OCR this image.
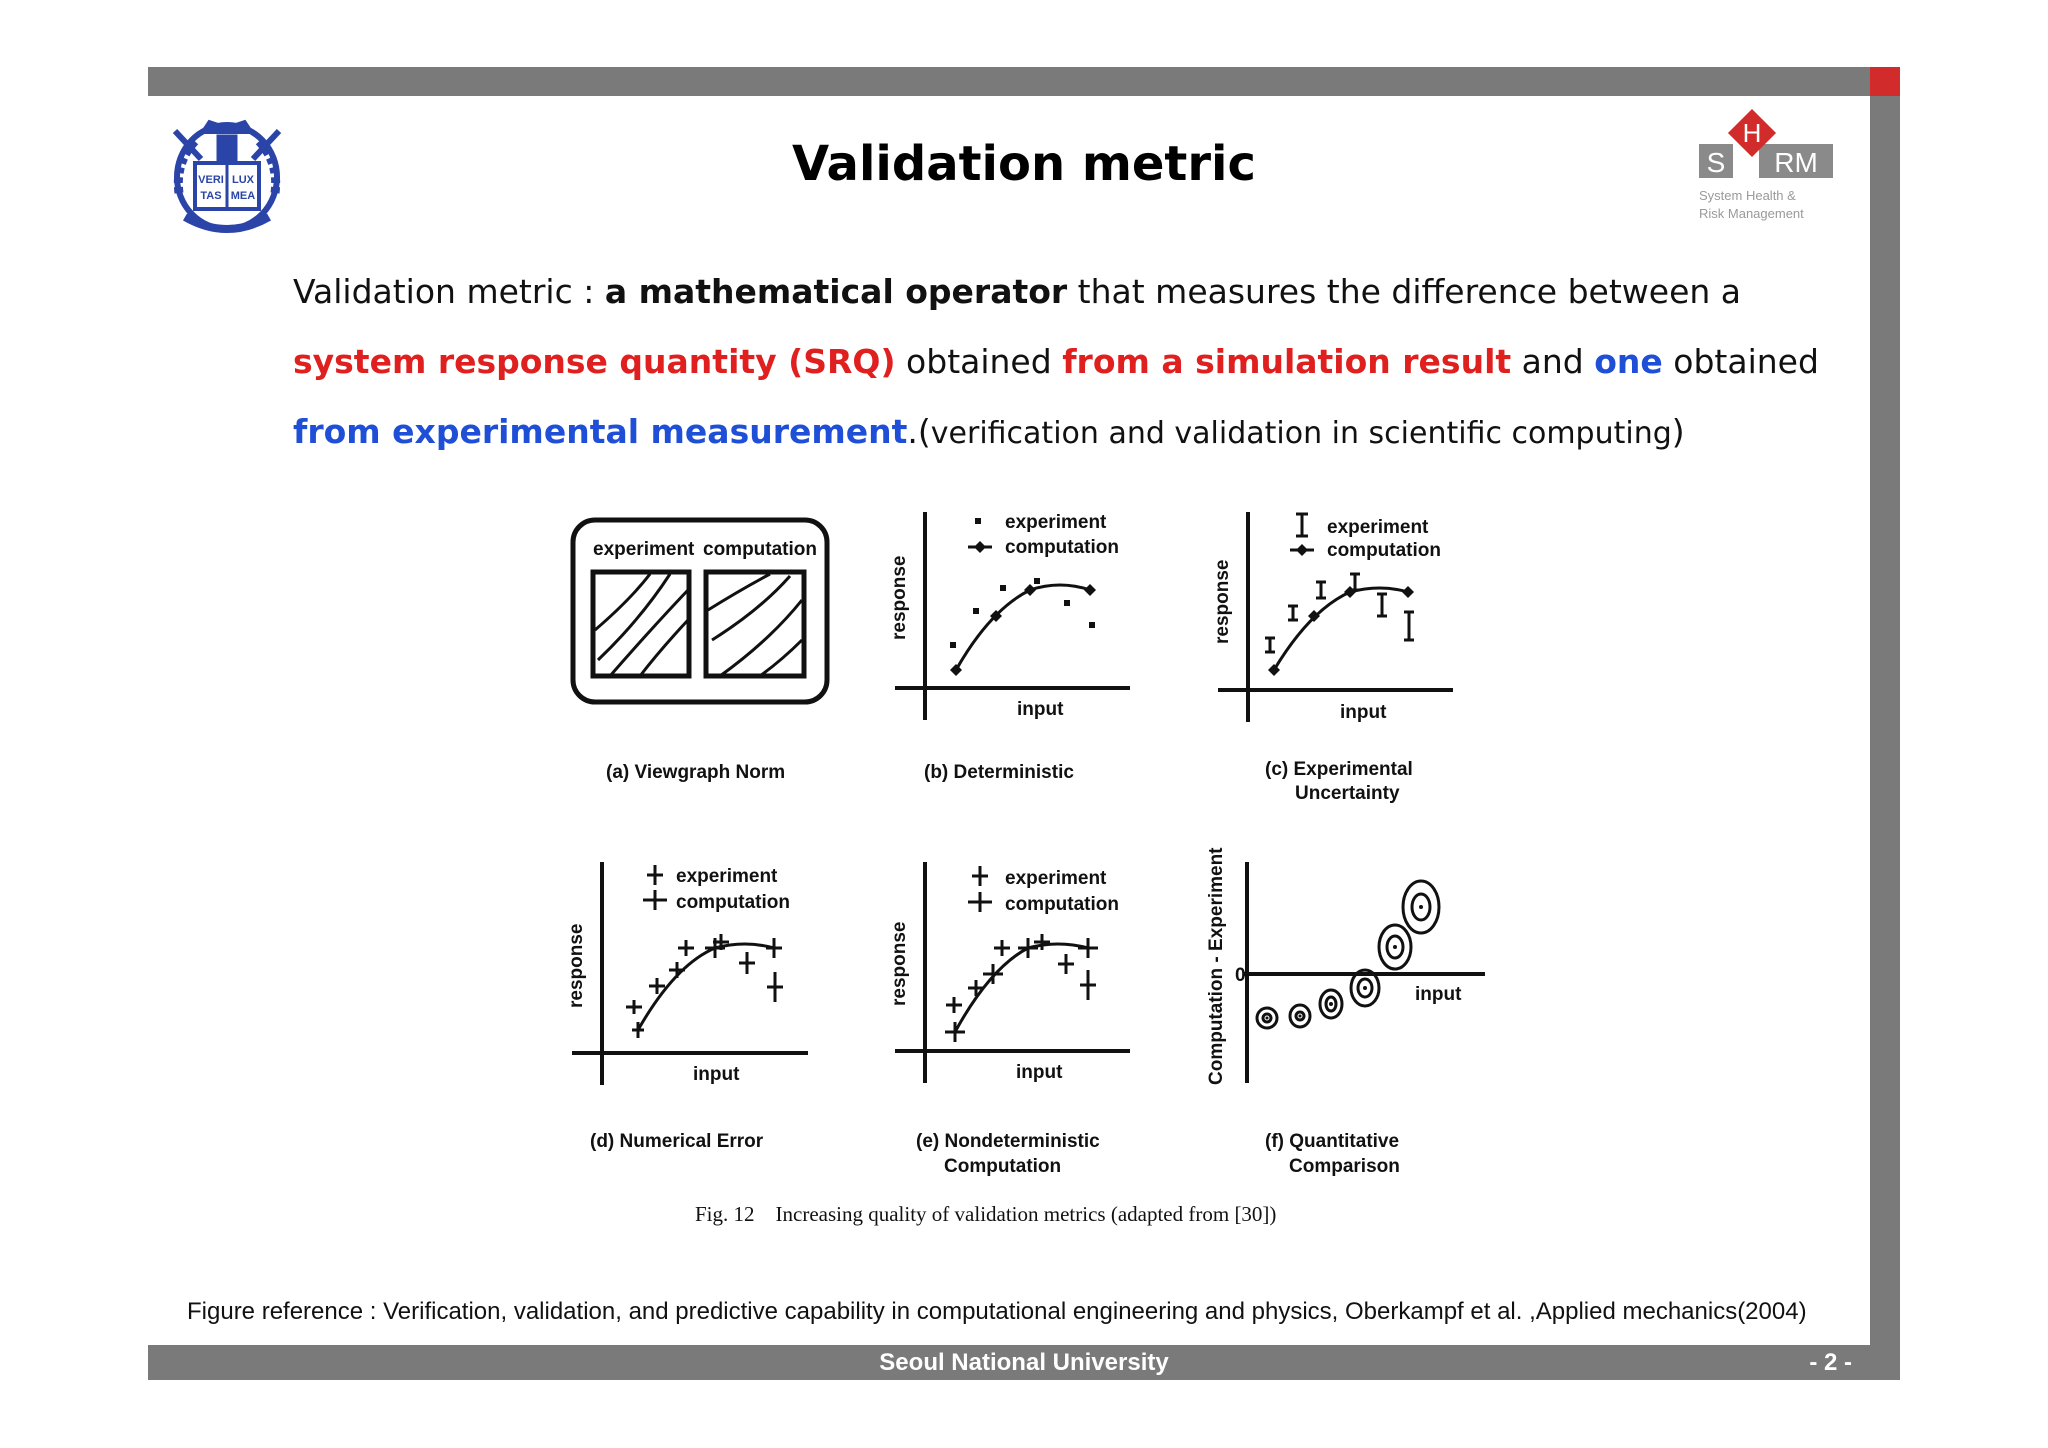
VERI LUX
TAS MEA
S
H
RM
System Health &
Risk Management
Validation metric

Validation metric : a mathematical operator that measures the difference between a

system response quantity (SRQ) obtained from a simulation result and one obtained

from experimental measurement.(verification and validation in scientific computing)

experiment computation
(a) Viewgraph Norm
response
input
experiment
computation
(b) Deterministic
response
input
experiment
computation
(c) Experimental
Uncertainty
response
input
experiment
computation
(d) Numerical Error
response
input
experiment
computation
(e) Nondeterministic
Computation
Computation - Experiment 0
input
(f) Quantitative
Comparison
Fig. 12    Increasing quality of validation metrics (adapted from [30])
Figure reference : Verification, validation, and predictive capability in computational engineering and physics, Oberkampf et al. ,Applied mechanics(2004)
Seoul National University	- 2 -
